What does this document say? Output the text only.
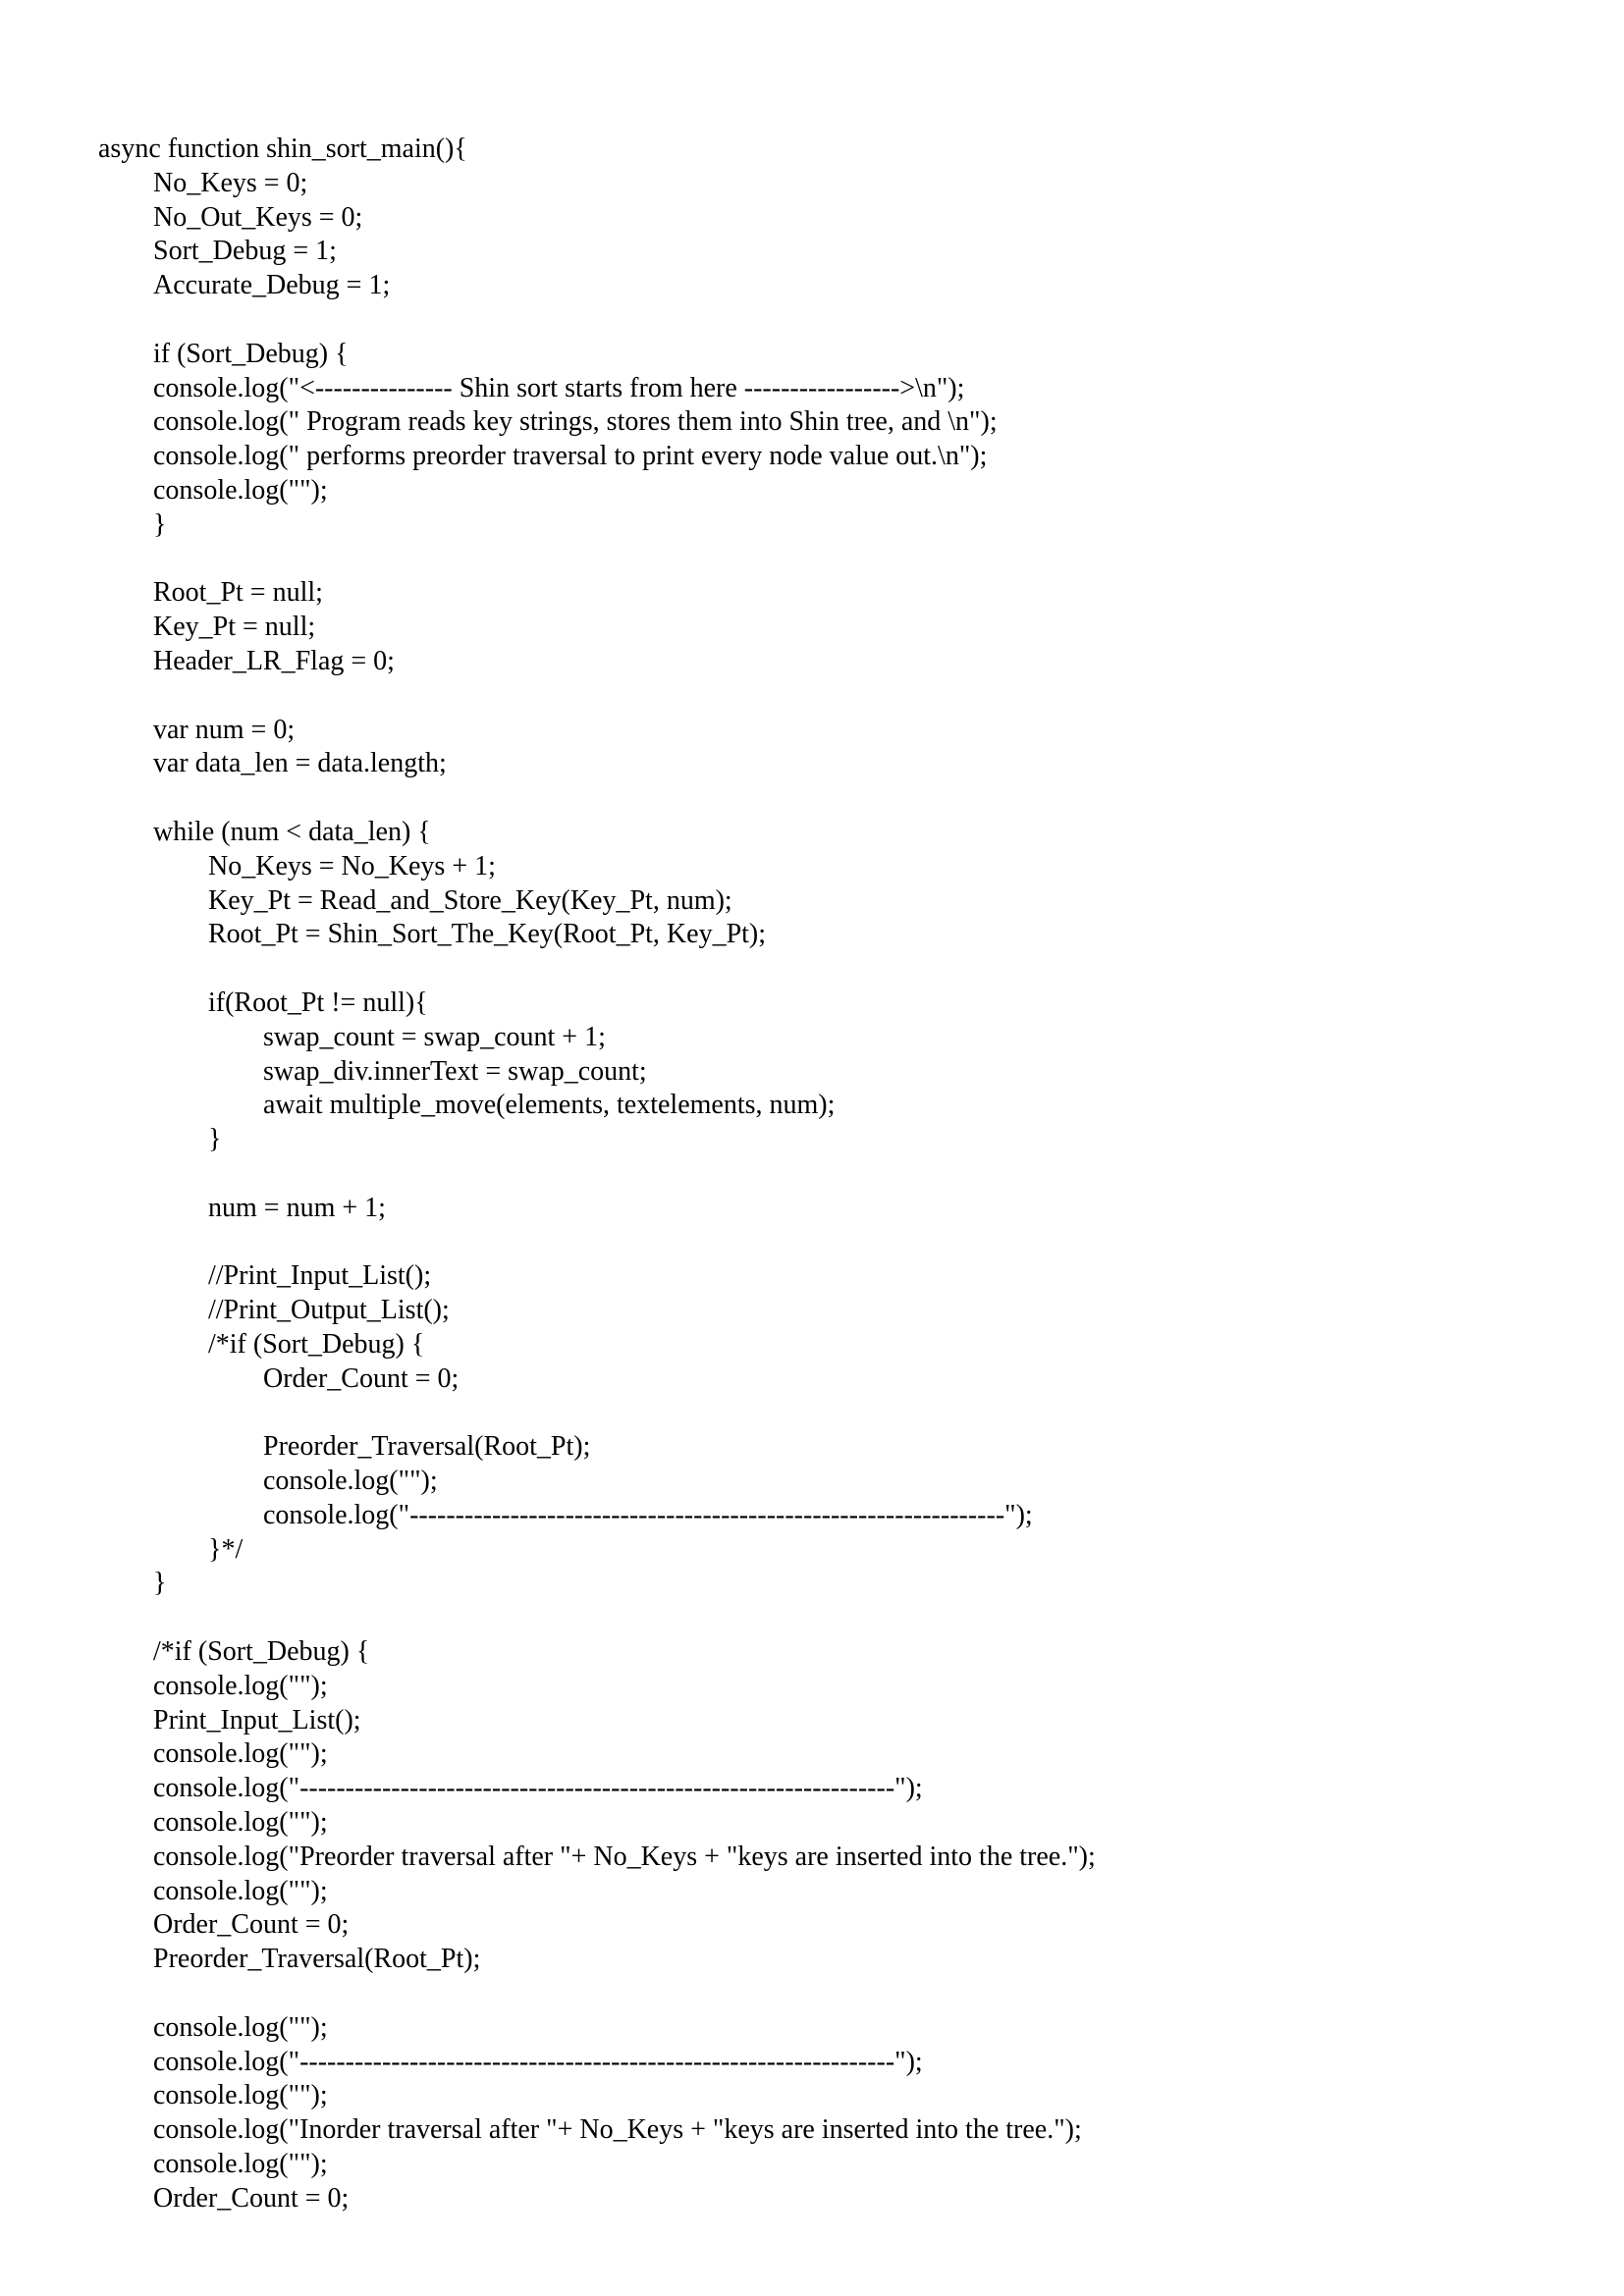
async function shin_sort_main(){
No_Keys = 0;
No_Out_Keys = 0;
Sort_Debug = 1;
Accurate_Debug = 1;
if (Sort_Debug) {
console.log("<--------------- Shin sort starts from here ----------------->\n");
console.log(" Program reads key strings, stores them into Shin tree, and \n");
console.log(" performs preorder traversal to print every node value out.\n");
console.log("");
}
Root_Pt = null;
Key_Pt = null;
Header_LR_Flag = 0;
var num = 0;
var data_len = data.length;
while (num < data_len) {
No_Keys = No_Keys + 1;
Key_Pt = Read_and_Store_Key(Key_Pt, num);
Root_Pt = Shin_Sort_The_Key(Root_Pt, Key_Pt);
if(Root_Pt != null){
swap_count = swap_count + 1;
swap_div.innerText = swap_count;
await multiple_move(elements, textelements, num);
}
num = num + 1;
//Print_Input_List();
//Print_Output_List();
/*if (Sort_Debug) {
Order_Count = 0;
Preorder_Traversal(Root_Pt);
console.log("");
console.log("-----------------------------------------------------------------");
}*/
}
/*if (Sort_Debug) {
console.log("");
Print_Input_List();
console.log("");
console.log("-----------------------------------------------------------------");
console.log("");
console.log("Preorder traversal after "+ No_Keys + "keys are inserted into the tree.");
console.log("");
Order_Count = 0;
Preorder_Traversal(Root_Pt);
console.log("");
console.log("-----------------------------------------------------------------");
console.log("");
console.log("Inorder traversal after "+ No_Keys + "keys are inserted into the tree.");
console.log("");
Order_Count = 0;
